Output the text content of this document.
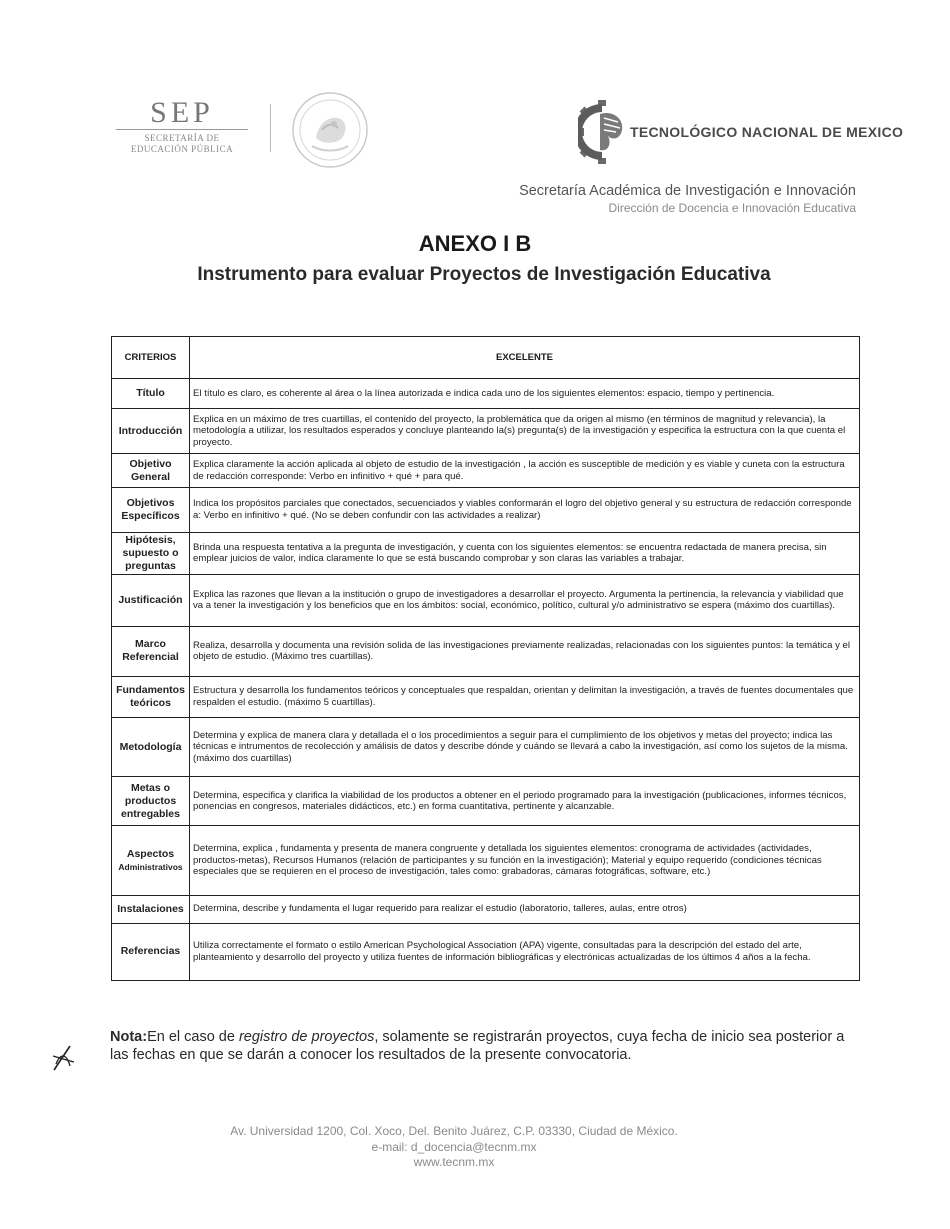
SEP
SECRETARÍA DE
EDUCACIÓN PÚBLICA
TECNOLÓGICO NACIONAL DE MEXICO
Secretaría Académica de Investigación e Innovación
Dirección de Docencia e Innovación Educativa
ANEXO I B
Instrumento para evaluar Proyectos de Investigación Educativa
CRITERIOS	EXCELENTE
Título	El título es claro, es coherente al área o la línea autorizada e indica cada uno de los siguientes elementos: espacio, tiempo y pertinencia.
Introducción	Explica en un máximo de tres cuartillas, el contenido del proyecto, la problemática que da origen al mismo (en términos de magnitud y relevancia), la metodología a utilizar, los resultados esperados y concluye planteando la(s) pregunta(s) de la investigación y especifica la estructura con la que cuenta el proyecto.
Objetivo General	Explica claramente la acción aplicada al objeto de estudio de la investigación , la acción es susceptible de medición y es viable y cuneta con la estructura de redacción corresponde: Verbo en infinitivo + qué + para qué.
Objetivos Específicos	Indica los propósitos parciales que conectados, secuenciados y viables conformarán el logro del objetivo general y su estructura de redacción corresponde a: Verbo en infinitivo + qué. (No se deben confundir con las actividades a realizar)
Hipótesis, supuesto o preguntas	Brinda una respuesta tentativa a la pregunta de investigación, y cuenta con los siguientes elementos: se encuentra redactada de manera precisa, sin emplear juicios de valor, indica claramente lo que se está buscando comprobar y son claras las variables a trabajar.
Justificación	Explica las razones que llevan a la institución o grupo de investigadores a desarrollar el proyecto. Argumenta la pertinencia, la relevancia y viabilidad que va a tener la investigación y los beneficios que en los ámbitos: social, económico, político, cultural y/o administrativo se espera (máximo dos cuartillas).
Marco Referencial	Realiza, desarrolla y documenta una revisión solida de las investigaciones previamente realizadas, relacionadas con los siguientes puntos: la temática y el objeto de estudio. (Máximo tres cuartillas).
Fundamentos teóricos	Estructura y desarrolla los fundamentos teóricos y conceptuales que respaldan, orientan y delimitan la investigación, a través de fuentes documentales que respalden el estudio. (máximo 5 cuartillas).
Metodología	Determina y explica de manera clara y detallada el o los procedimientos a seguir para el cumplimiento de los objetivos y metas del proyecto; indica las técnicas e intrumentos de recolección y amálisis de datos y describe dónde y cuándo se llevará a cabo la investigación, así como los sujetos de la misma. (máximo dos cuartillas)
Metas o productos entregables	Determina, especifica y clarifica la viabilidad de los productos a obtener en el periodo programado para la investigación (publicaciones, informes técnicos, ponencias en congresos, materiales didácticos, etc.) en forma cuantitativa, pertinente y alcanzable.
Aspectos
Administrativos	Determina, explica , fundamenta y presenta de manera congruente y detallada los siguientes elementos: cronograma de actividades (actividades, productos-metas), Recursos Humanos (relación de participantes y su función en la investigación); Material y equipo requerido (condiciones técnicas especiales que se requieren en el proceso de investigación, tales como: grabadoras, cámaras fotográficas, software, etc.)
Instalaciones	Determina, describe y fundamenta el lugar requerido para realizar el estudio (laboratorio, talleres, aulas, entre otros)
Referencias	Utiliza correctamente el formato o estilo American Psychological Association (APA) vigente, consultadas para la descripción del estado del arte, planteamiento y desarrollo del proyecto y utiliza fuentes de información bibliográficas y electrónicas actualizadas de los últimos 4 años a la fecha.
Nota:En el caso de registro de proyectos, solamente se registrarán proyectos, cuya fecha de inicio sea posterior a las fechas en que se darán a conocer los resultados de la presente convocatoria.
Av. Universidad 1200, Col. Xoco, Del. Benito Juárez, C.P. 03330, Ciudad de México.
e-mail: d_docencia@tecnm.mx
www.tecnm.mx
